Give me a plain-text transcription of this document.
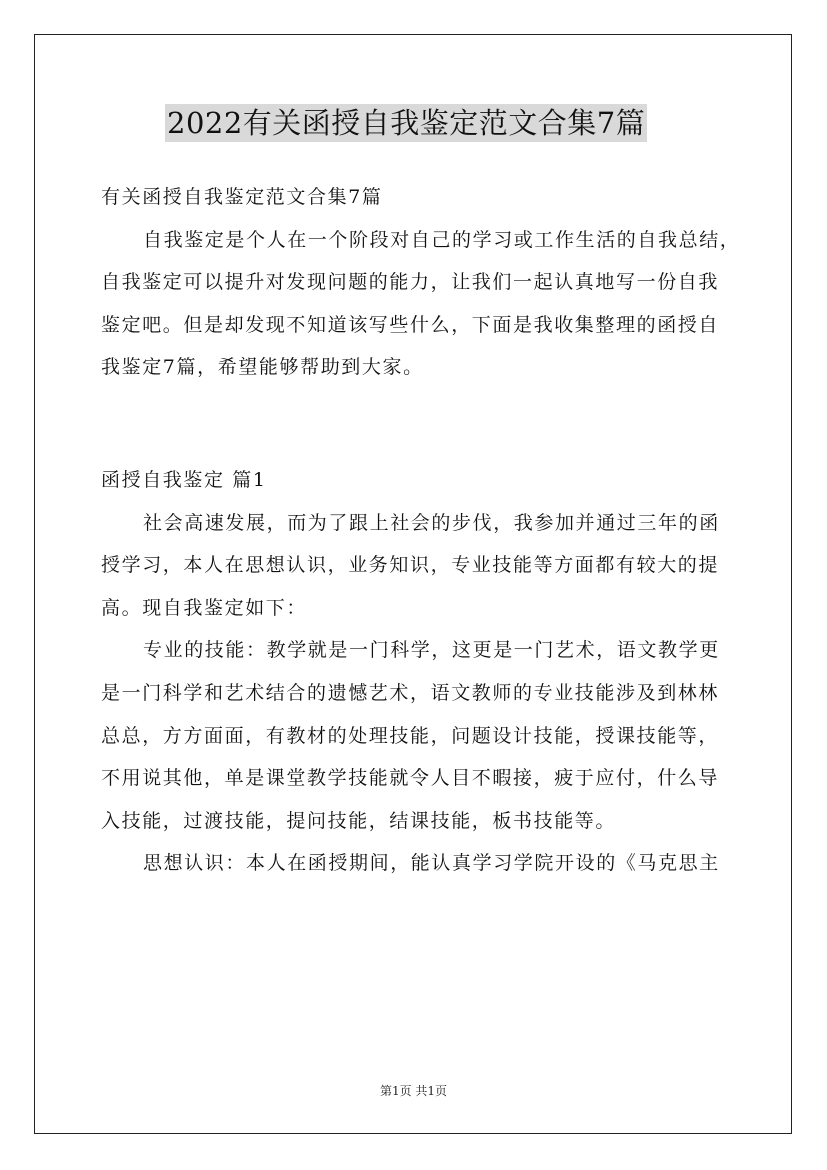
2022有关函授自我鉴定范文合集7篇
有关函授自我鉴定范文合集7篇
自我鉴定是个人在一个阶段对自己的学习或工作生活的自我总结，
自我鉴定可以提升对发现问题的能力，让我们一起认真地写一份自我
鉴定吧。但是却发现不知道该写些什么，下面是我收集整理的函授自
我鉴定7篇，希望能够帮助到大家。
函授自我鉴定 篇1
社会高速发展，而为了跟上社会的步伐，我参加并通过三年的函
授学习，本人在思想认识，业务知识，专业技能等方面都有较大的提
高。现自我鉴定如下：
专业的技能：教学就是一门科学，这更是一门艺术，语文教学更
是一门科学和艺术结合的遗憾艺术，语文教师的专业技能涉及到林林
总总，方方面面，有教材的处理技能，问题设计技能，授课技能等，
不用说其他，单是课堂教学技能就令人目不暇接，疲于应付，什么导
入技能，过渡技能，提问技能，结课技能，板书技能等。
思想认识：本人在函授期间，能认真学习学院开设的《马克思主
第1页 共1页
